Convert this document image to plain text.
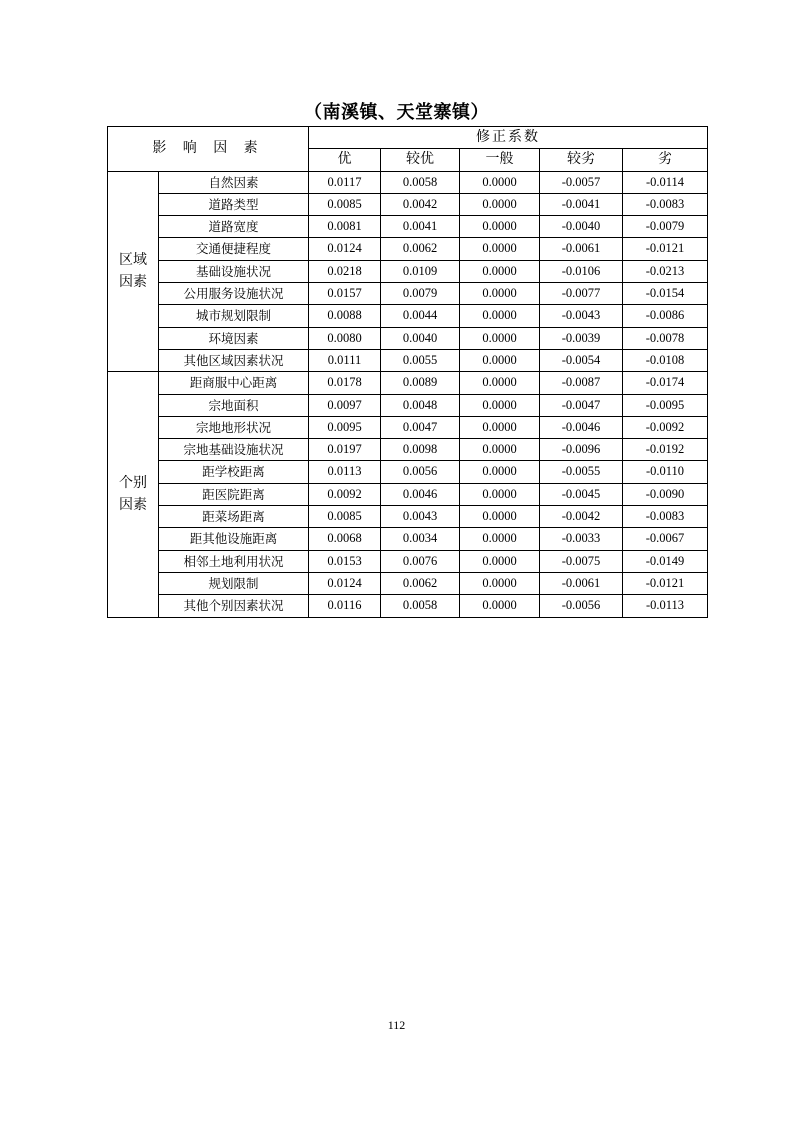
（南溪镇、天堂寨镇）
影 响 因 素		修正系数				
		优	较优	一般	较劣	劣

区域
因素	自然因素	0.0117	0.0058	0.0000	-0.0057	-0.0114
	道路类型	0.0085	0.0042	0.0000	-0.0041	-0.0083
	道路宽度	0.0081	0.0041	0.0000	-0.0040	-0.0079
	交通便捷程度	0.0124	0.0062	0.0000	-0.0061	-0.0121
	基础设施状况	0.0218	0.0109	0.0000	-0.0106	-0.0213
	公用服务设施状况	0.0157	0.0079	0.0000	-0.0077	-0.0154
	城市规划限制	0.0088	0.0044	0.0000	-0.0043	-0.0086
	环境因素	0.0080	0.0040	0.0000	-0.0039	-0.0078
	其他区域因素状况	0.0111	0.0055	0.0000	-0.0054	-0.0108

个别
因素	距商服中心距离	0.0178	0.0089	0.0000	-0.0087	-0.0174
	宗地面积	0.0097	0.0048	0.0000	-0.0047	-0.0095
	宗地地形状况	0.0095	0.0047	0.0000	-0.0046	-0.0092
	宗地基础设施状况	0.0197	0.0098	0.0000	-0.0096	-0.0192
	距学校距离	0.0113	0.0056	0.0000	-0.0055	-0.0110
	距医院距离	0.0092	0.0046	0.0000	-0.0045	-0.0090
	距菜场距离	0.0085	0.0043	0.0000	-0.0042	-0.0083
	距其他设施距离	0.0068	0.0034	0.0000	-0.0033	-0.0067
	相邻土地利用状况	0.0153	0.0076	0.0000	-0.0075	-0.0149
	规划限制	0.0124	0.0062	0.0000	-0.0061	-0.0121
	其他个别因素状况	0.0116	0.0058	0.0000	-0.0056	-0.0113
112
